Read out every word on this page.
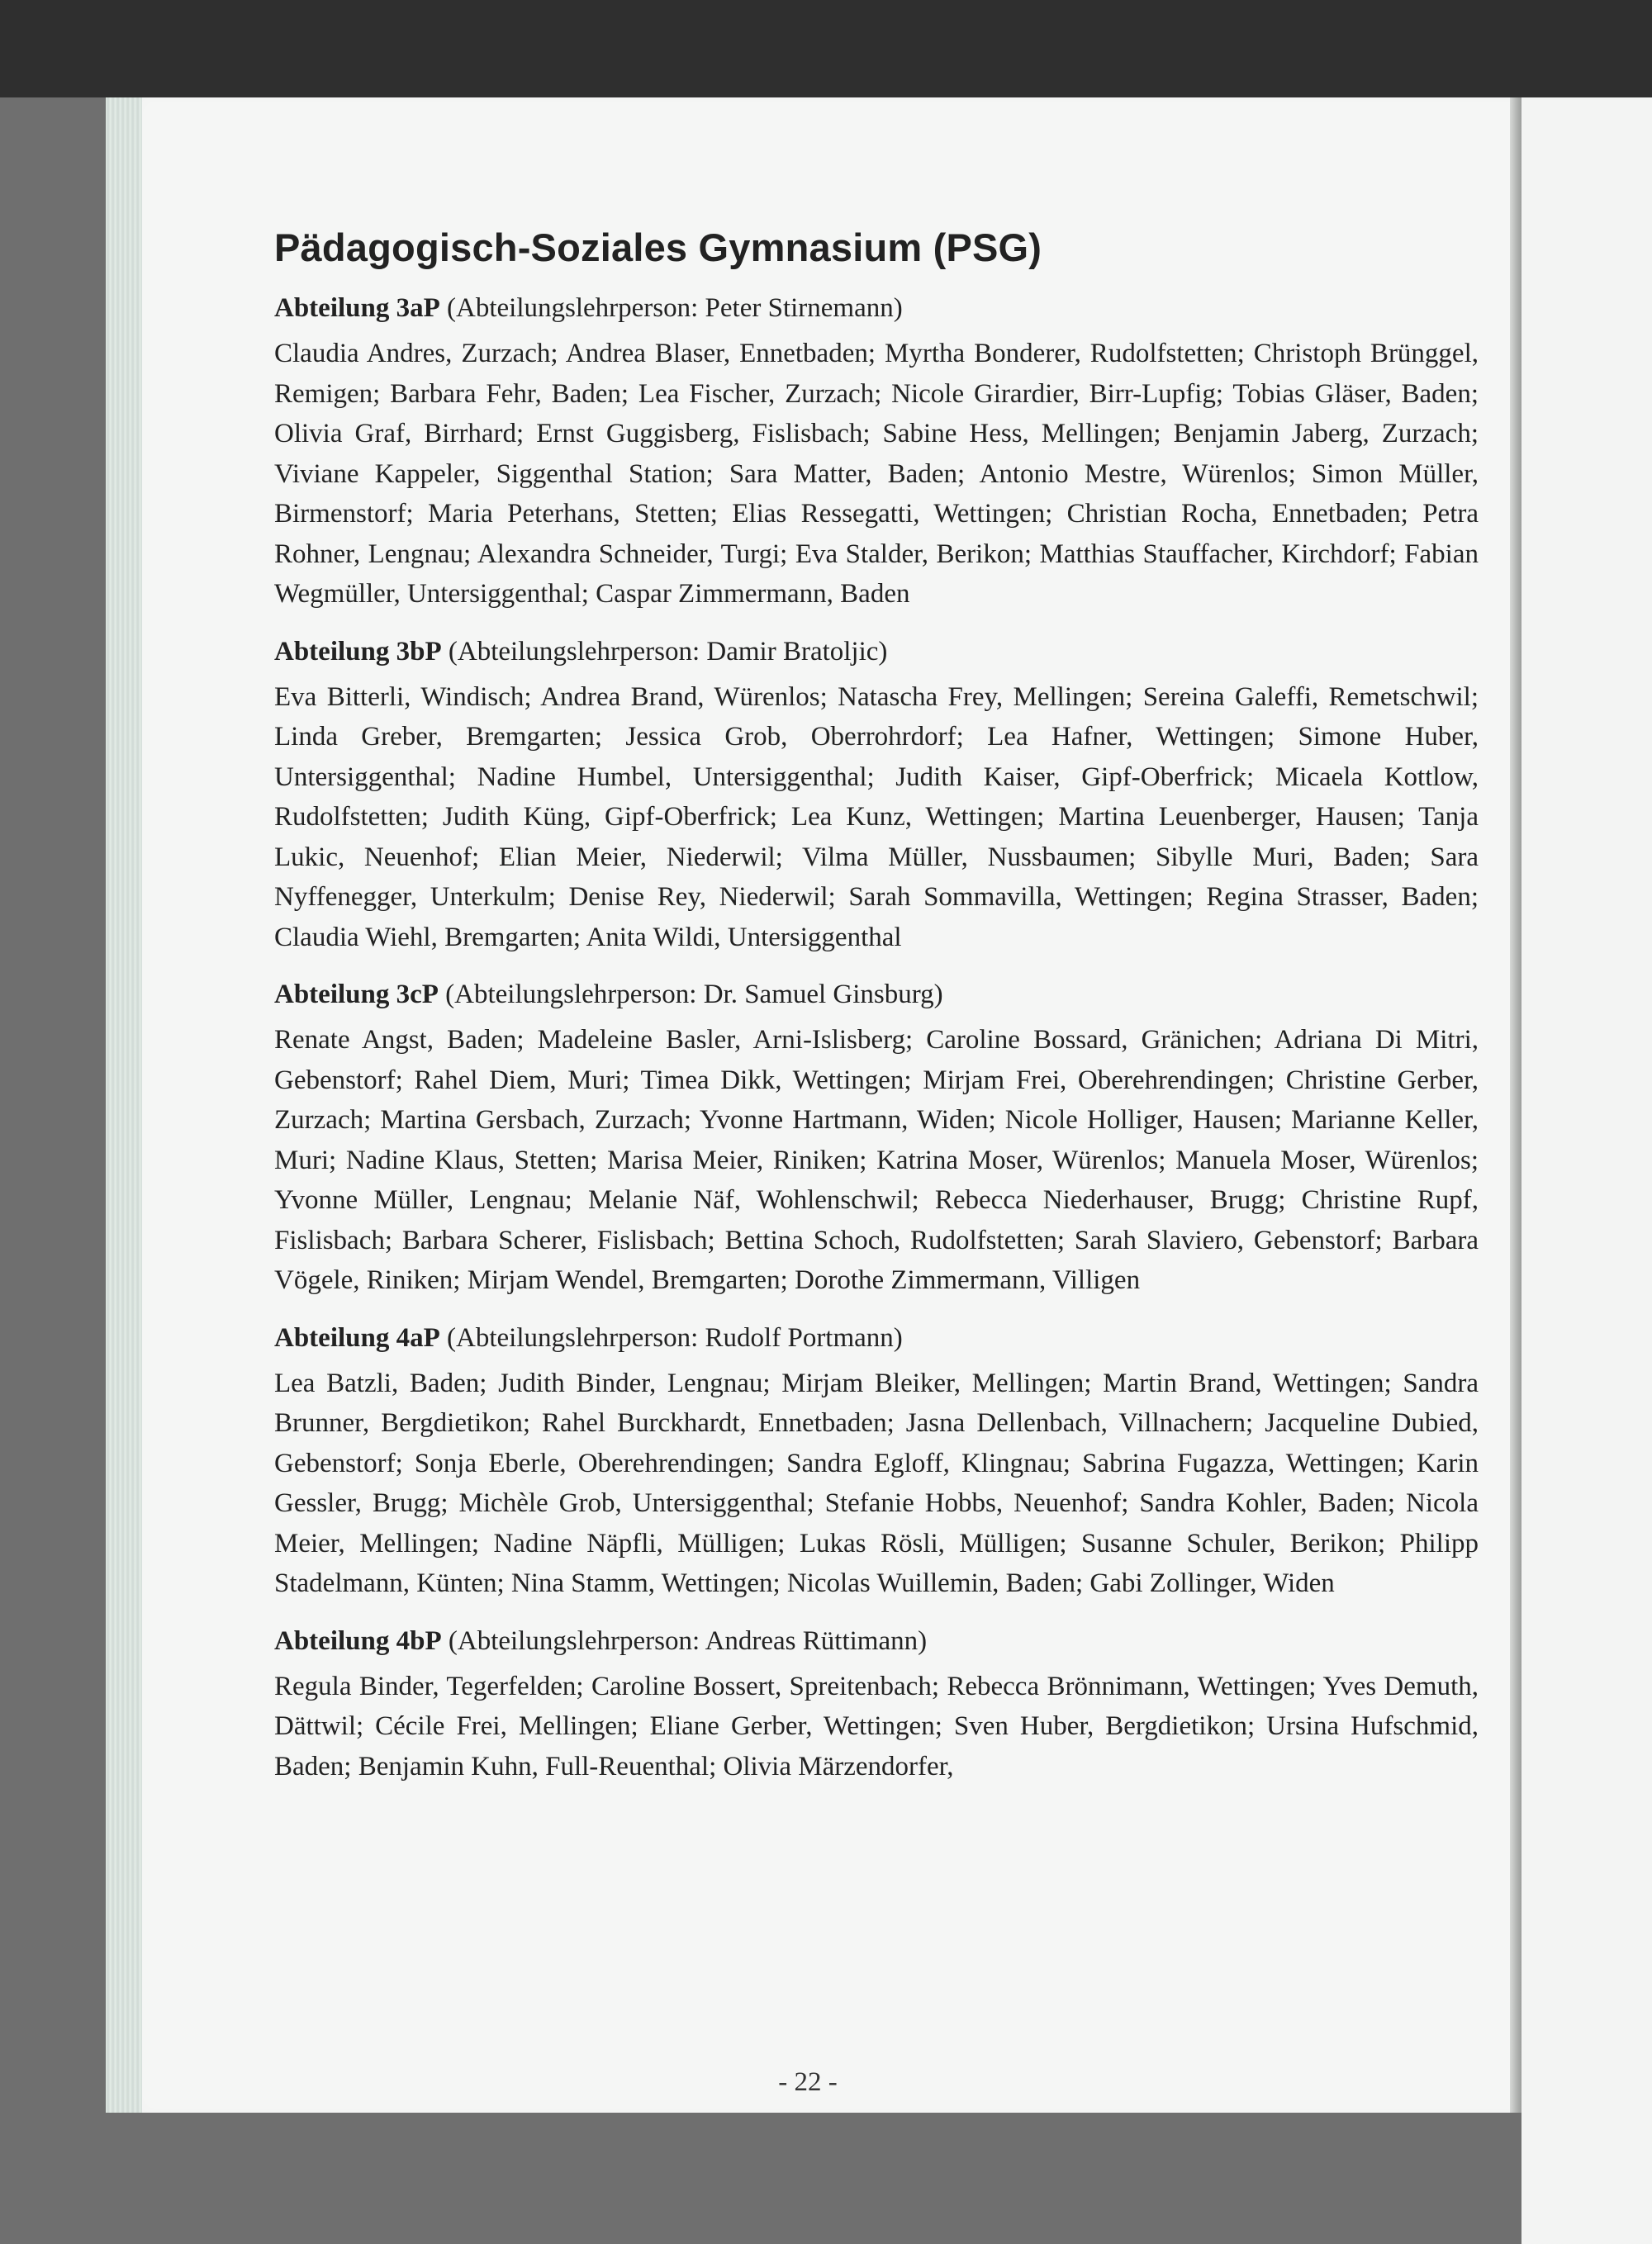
- 22 -
Pädagogisch-Soziales Gymnasium (PSG)

Abteilung 3aP (Abteilungslehrperson: Peter Stirnemann)

Claudia Andres, Zurzach; Andrea Blaser, Ennetbaden; Myrtha Bonderer, Rudolfstetten; Christoph Brünggel, Remigen; Barbara Fehr, Baden; Lea Fischer, Zurzach; Nicole Girardier, Birr-Lupfig; Tobias Gläser, Baden; Olivia Graf, Birrhard; Ernst Guggisberg, Fislisbach; Sabine Hess, Mellingen; Benjamin Jaberg, Zurzach; Viviane Kappeler, Siggenthal Station; Sara Matter, Baden; Antonio Mestre, Würenlos; Simon Müller, Birmenstorf; Maria Peterhans, Stetten; Elias Ressegatti, Wettingen; Christian Rocha, Ennetbaden; Petra Rohner, Lengnau; Alexandra Schneider, Turgi; Eva Stalder, Berikon; Matthias Stauffacher, Kirchdorf; Fabian Wegmüller, Untersiggenthal; Caspar Zimmermann, Baden

Abteilung 3bP (Abteilungslehrperson: Damir Bratoljic)

Eva Bitterli, Windisch; Andrea Brand, Würenlos; Natascha Frey, Mellingen; Sereina Galeffi, Remetschwil; Linda Greber, Bremgarten; Jessica Grob, Oberrohrdorf; Lea Hafner, Wettingen; Simone Huber, Untersiggenthal; Nadine Humbel, Untersiggenthal; Judith Kaiser, Gipf-Oberfrick; Micaela Kottlow, Rudolfstetten; Judith Küng, Gipf-Oberfrick; Lea Kunz, Wettingen; Martina Leuenberger, Hausen; Tanja Lukic, Neuenhof; Elian Meier, Niederwil; Vilma Müller, Nussbaumen; Sibylle Muri, Baden; Sara Nyffenegger, Unterkulm; Denise Rey, Niederwil; Sarah Sommavilla, Wettingen; Regina Strasser, Baden; Claudia Wiehl, Bremgarten; Anita Wildi, Untersiggenthal

Abteilung 3cP (Abteilungslehrperson: Dr. Samuel Ginsburg)

Renate Angst, Baden; Madeleine Basler, Arni-Islisberg; Caroline Bossard, Gränichen; Adriana Di Mitri, Gebenstorf; Rahel Diem, Muri; Timea Dikk, Wettingen; Mirjam Frei, Oberehrendingen; Christine Gerber, Zurzach; Martina Gersbach, Zurzach; Yvonne Hartmann, Widen; Nicole Holliger, Hausen; Marianne Keller, Muri; Nadine Klaus, Stetten; Marisa Meier, Riniken; Katrina Moser, Würenlos; Manuela Moser, Würenlos; Yvonne Müller, Lengnau; Melanie Näf, Wohlenschwil; Rebecca Niederhauser, Brugg; Christine Rupf, Fislisbach; Barbara Scherer, Fislisbach; Bettina Schoch, Rudolfstetten; Sarah Slaviero, Gebenstorf; Barbara Vögele, Riniken; Mirjam Wendel, Bremgarten; Dorothe Zimmermann, Villigen

Abteilung 4aP (Abteilungslehrperson: Rudolf Portmann)

Lea Batzli, Baden; Judith Binder, Lengnau; Mirjam Bleiker, Mellingen; Martin Brand, Wettingen; Sandra Brunner, Bergdietikon; Rahel Burckhardt, Ennetbaden; Jasna Dellenbach, Villnachern; Jacqueline Dubied, Gebenstorf; Sonja Eberle, Oberehrendingen; Sandra Egloff, Klingnau; Sabrina Fugazza, Wettingen; Karin Gessler, Brugg; Michèle Grob, Untersiggenthal; Stefanie Hobbs, Neuenhof; Sandra Kohler, Baden; Nicola Meier, Mellingen; Nadine Näpfli, Mülligen; Lukas Rösli, Mülligen; Susanne Schuler, Berikon; Philipp Stadelmann, Künten; Nina Stamm, Wettingen; Nicolas Wuillemin, Baden; Gabi Zollinger, Widen

Abteilung 4bP (Abteilungslehrperson: Andreas Rüttimann)

Regula Binder, Tegerfelden; Caroline Bossert, Spreitenbach; Rebecca Brönnimann, Wettingen; Yves Demuth, Dättwil; Cécile Frei, Mellingen; Eliane Gerber, Wettingen; Sven Huber, Bergdietikon; Ursina Hufschmid, Baden; Benjamin Kuhn, Full-Reuenthal; Olivia Märzendorfer,
